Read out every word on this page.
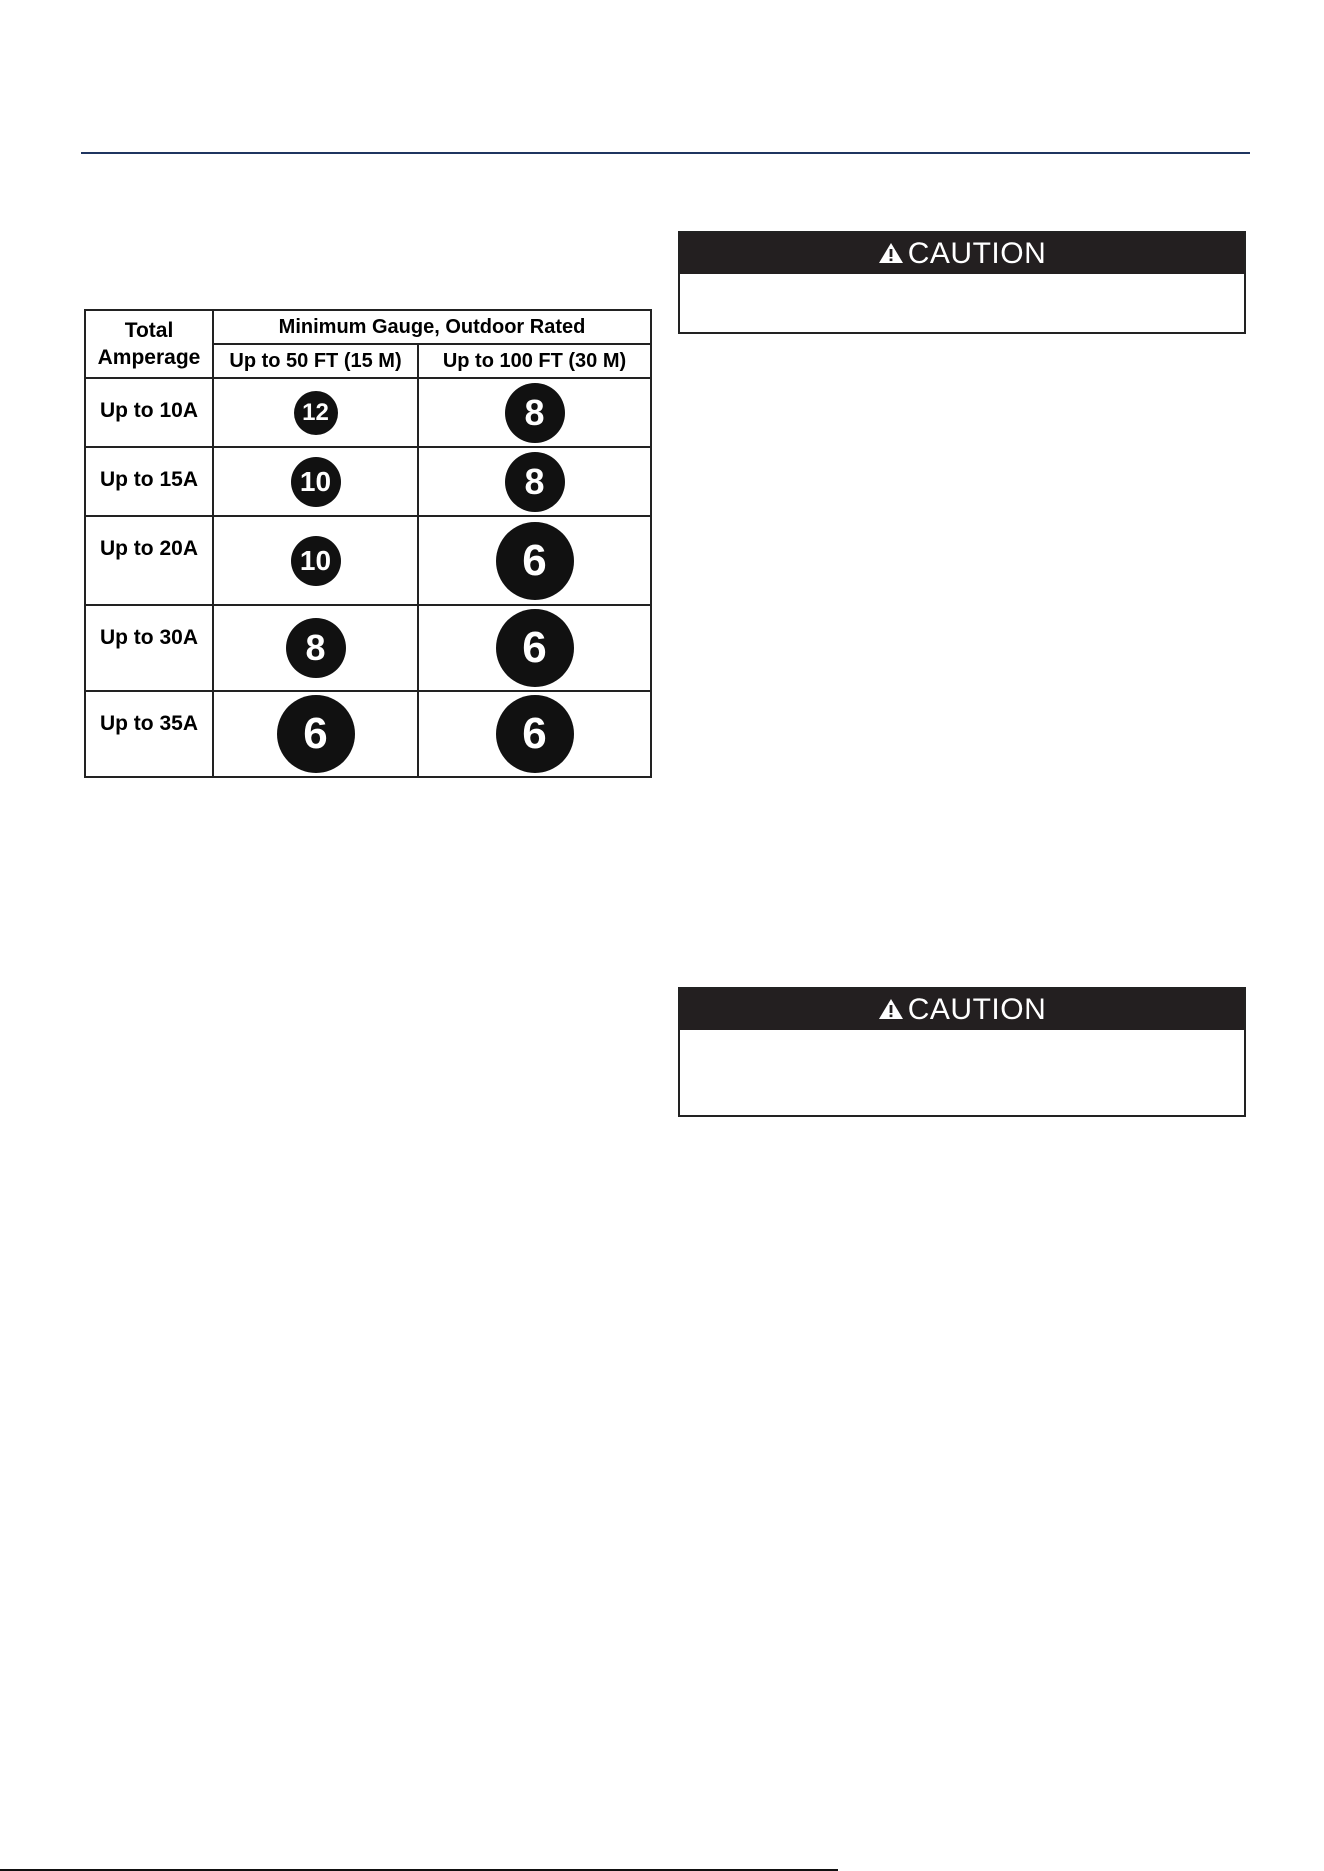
Total
Amperage	Minimum Gauge, Outdoor Rated	
	Up to 50 FT (15 M)	Up to 100 FT (30 M)
Up to 10A	12	8
Up to 15A	10	8
Up to 20A	10	6
Up to 30A	8	6
Up to 35A	6	6
CAUTION
CAUTION
